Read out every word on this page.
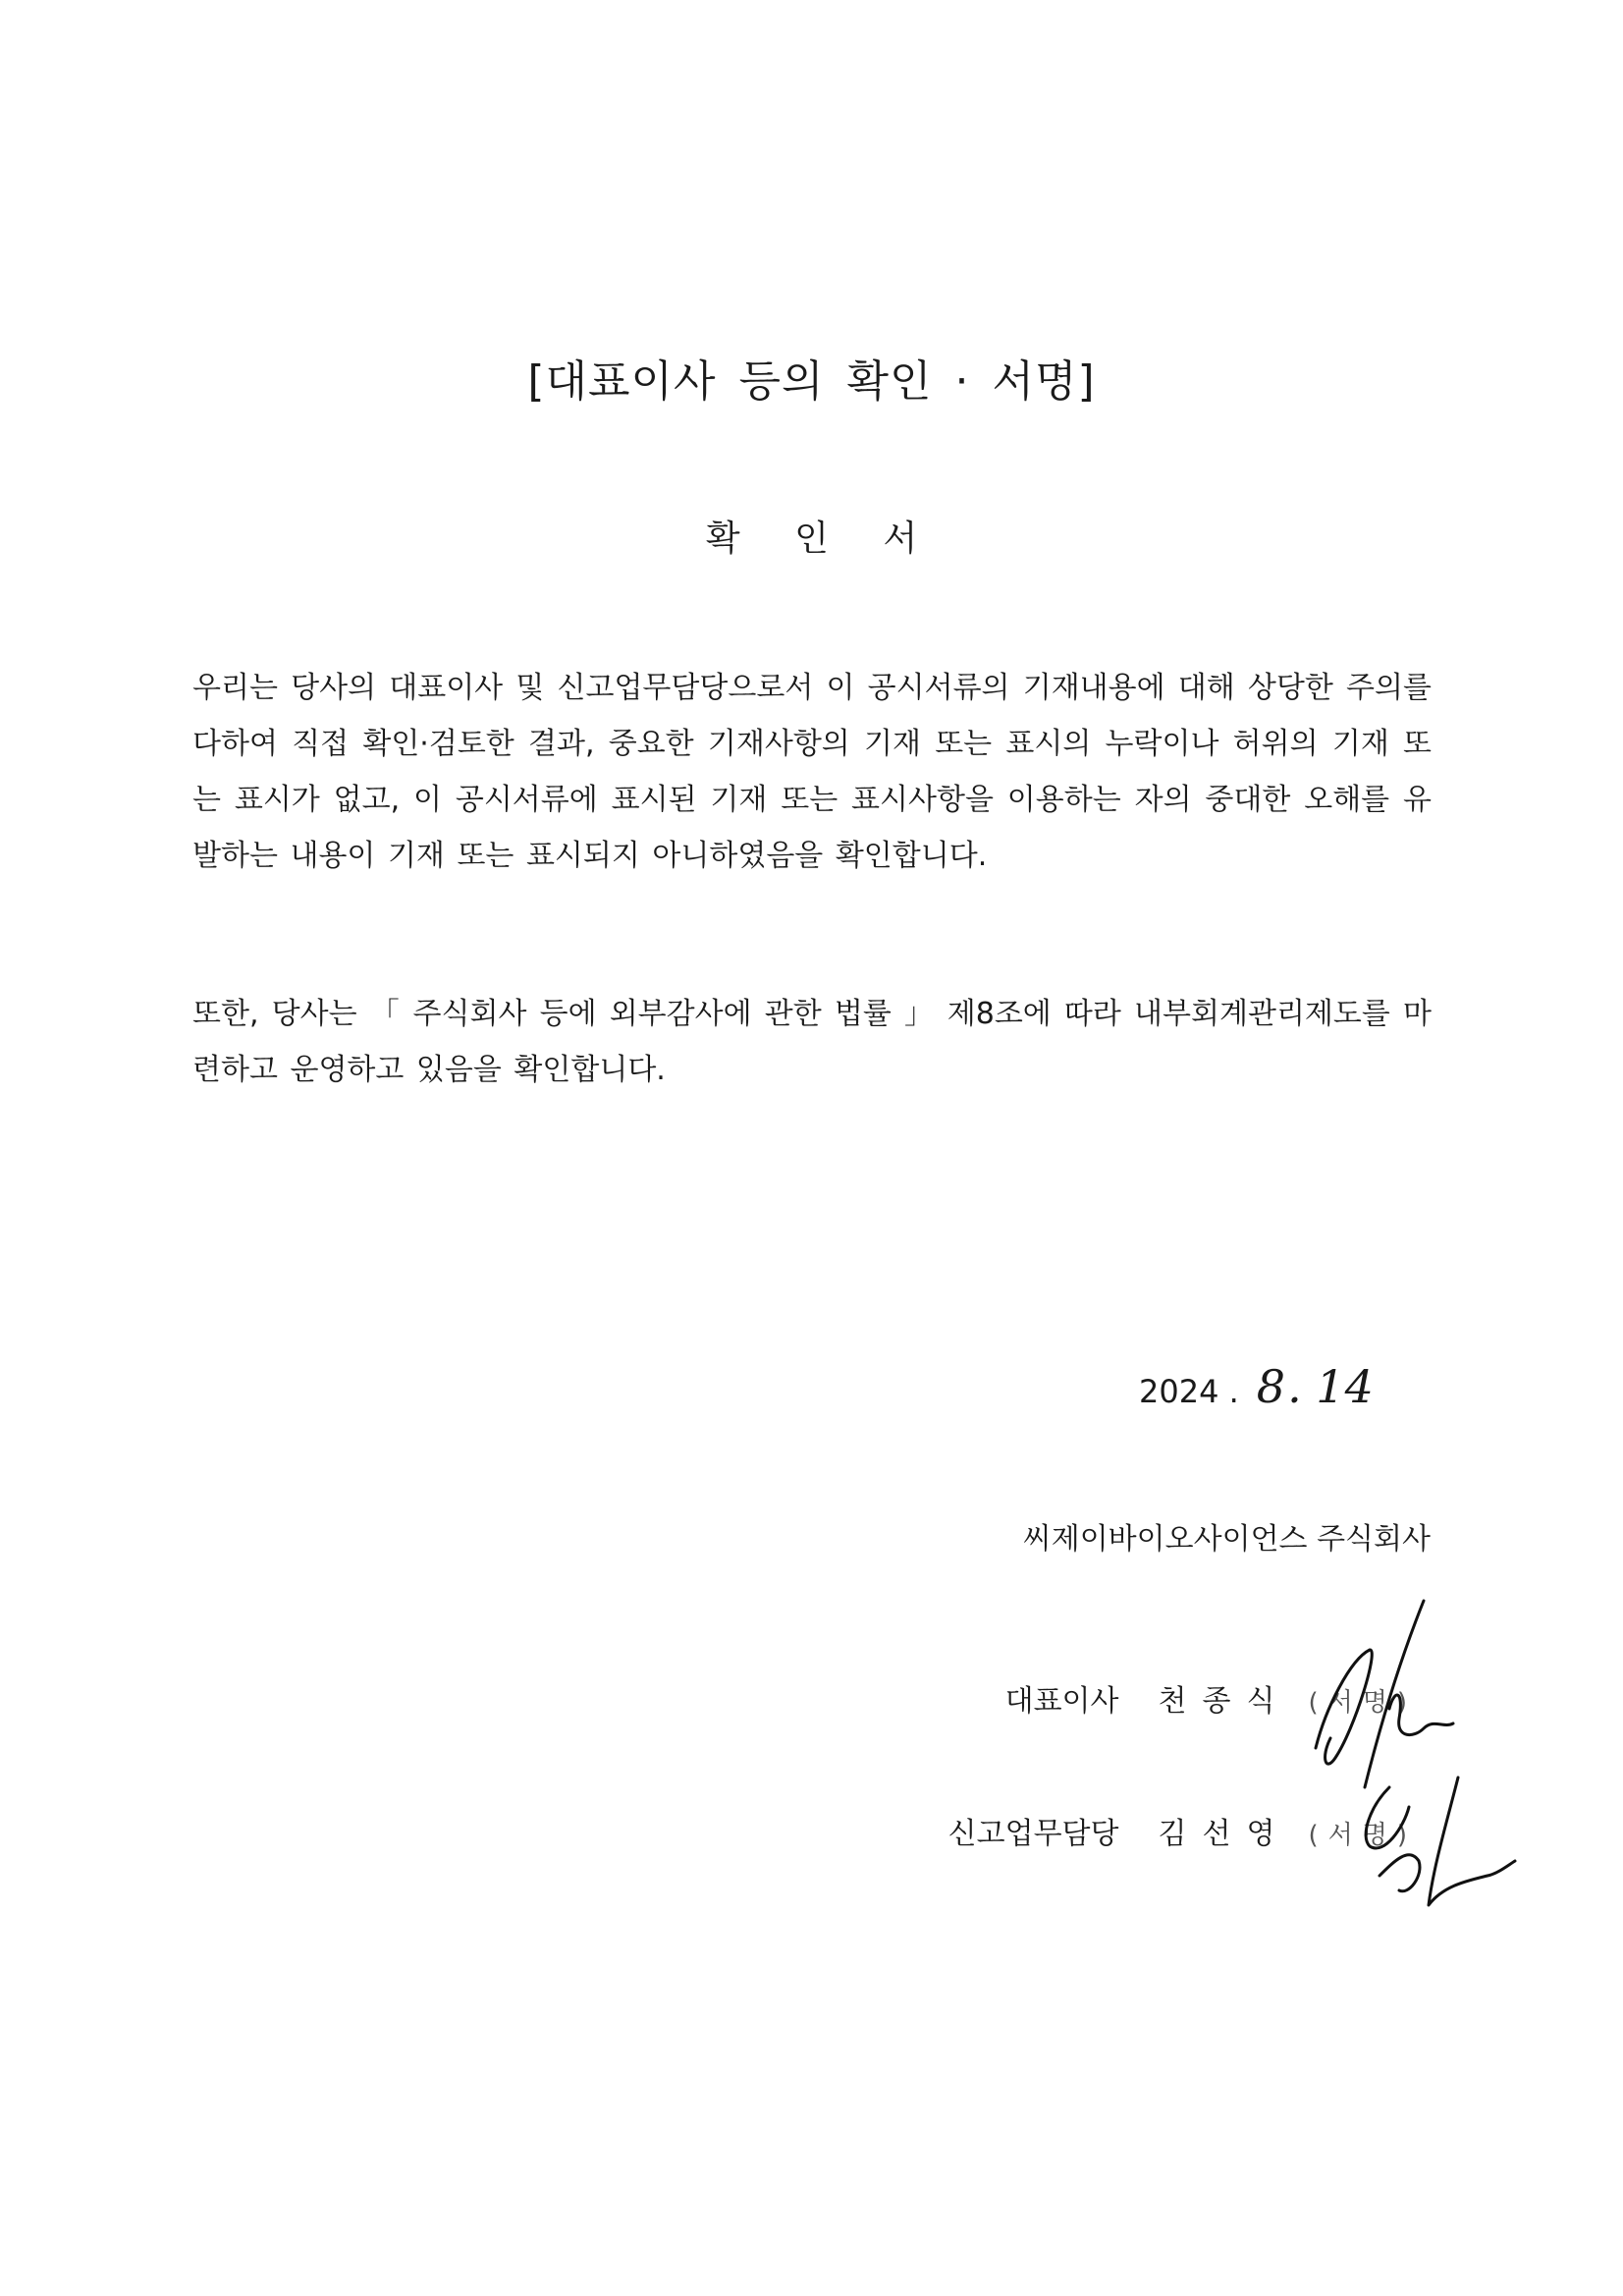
[대표이사 등의 확인 · 서명]
확 인 서
우리는 당사의 대표이사 및 신고업무담당으로서 이 공시서류의 기재내용에 대해 상당한 주의를 다하여 직접 확인·검토한 결과, 중요한 기재사항의 기재 또는 표시의 누락이나 허위의 기재 또는 표시가 없고, 이 공시서류에 표시된 기재 또는 표시사항을 이용하는 자의 중대한 오해를 유발하는 내용이 기재 또는 표시되지 아니하였음을 확인합니다.
또한, 당사는 「 주식회사 등에 외부감사에 관한 법률 」 제8조에 따라 내부회계관리제도를 마련하고 운영하고 있음을 확인합니다.
2024 . 8. 14
씨제이바이오사이언스 주식회사
대표이사 천종식 (서명)
신고업무담당 김선영 (서명)
